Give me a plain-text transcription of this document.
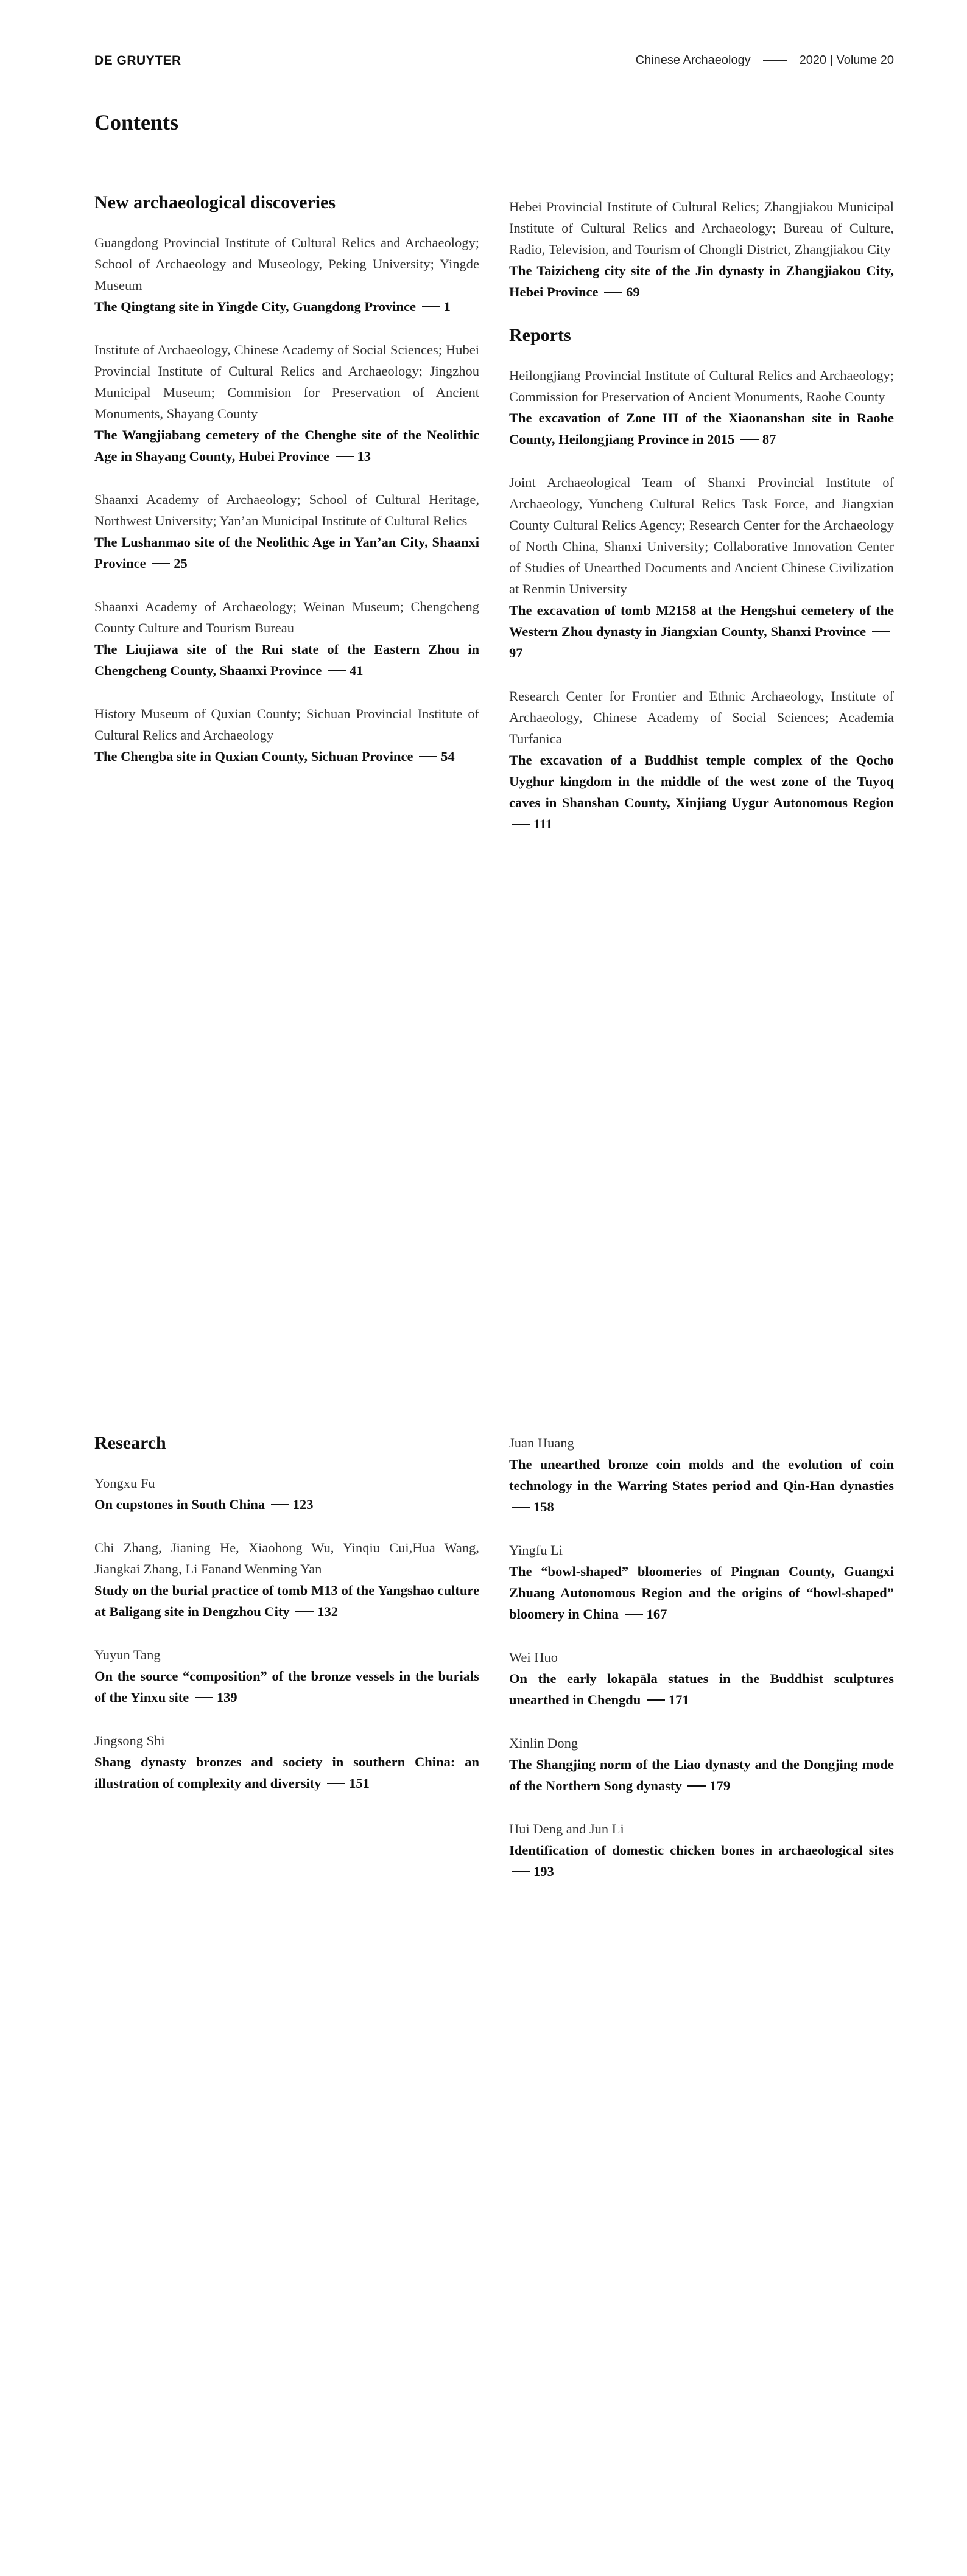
DE GRUYTER	Chinese Archaeology	2020 | Volume 20
Contents
New archaeological discoveries
Guangdong Provincial Institute of Cultural Relics and Archaeology; School of Archaeology and Museology, Peking University; Yingde Museum
The Qingtang site in Yingde City, Guangdong Province 1
Institute of Archaeology, Chinese Academy of Social Sciences; Hubei Provincial Institute of Cultural Relics and Archaeology; Jingzhou Municipal Museum; Commision for Preservation of Ancient Monuments, Shayang County
The Wangjiabang cemetery of the Chenghe site of the Neolithic Age in Shayang County, Hubei Province 13
Shaanxi Academy of Archaeology; School of Cultural Heritage, Northwest University; Yan’an Municipal Institute of Cultural Relics
The Lushanmao site of the Neolithic Age in Yan’an City, Shaanxi Province 25
Shaanxi Academy of Archaeology; Weinan Museum; Chengcheng County Culture and Tourism Bureau
The Liujiawa site of the Rui state of the Eastern Zhou in Chengcheng County, Shaanxi Province 41
History Museum of Quxian County; Sichuan Provincial Institute of Cultural Relics and Archaeology
The Chengba site in Quxian County, Sichuan Province 54
Hebei Provincial Institute of Cultural Relics; Zhangjiakou Municipal Institute of Cultural Relics and Archaeology; Bureau of Culture, Radio, Television, and Tourism of Chongli District, Zhangjiakou City
The Taizicheng city site of the Jin dynasty in Zhangjiakou City, Hebei Province 69
Reports
Heilongjiang Provincial Institute of Cultural Relics and Archaeology; Commission for Preservation of Ancient Monuments, Raohe County
The excavation of Zone III of the Xiaonanshan site in Raohe County, Heilongjiang Province in 2015 87
Joint Archaeological Team of Shanxi Provincial Institute of Archaeology, Yuncheng Cultural Relics Task Force, and Jiangxian County Cultural Relics Agency; Research Center for the Archaeology of North China, Shanxi University; Collaborative Innovation Center of Studies of Unearthed Documents and Ancient Chinese Civilization at Renmin University
The excavation of tomb M2158 at the Hengshui cemetery of the Western Zhou dynasty in Jiangxian County, Shanxi Province 97
Research Center for Frontier and Ethnic Archaeology, Institute of Archaeology, Chinese Academy of Social Sciences; Academia Turfanica
The excavation of a Buddhist temple complex of the Qocho Uyghur kingdom in the middle of the west zone of the Tuyoq caves in Shanshan County, Xinjiang Uygur Autonomous Region 111
Research
Yongxu Fu
On cupstones in South China 123
Chi Zhang, Jianing He, Xiaohong Wu, Yinqiu Cui,Hua Wang, Jiangkai Zhang, Li Fanand Wenming Yan
Study on the burial practice of tomb M13 of the Yangshao culture at Baligang site in Dengzhou City 132
Yuyun Tang
On the source “composition” of the bronze vessels in the burials of the Yinxu site 139
Jingsong Shi
Shang dynasty bronzes and society in southern China: an illustration of complexity and diversity 151
Juan Huang
The unearthed bronze coin molds and the evolution of coin technology in the Warring States period and Qin-Han dynasties 158
Yingfu Li
The “bowl-shaped” bloomeries of Pingnan County, Guangxi Zhuang Autonomous Region and the origins of “bowl-shaped” bloomery in China 167
Wei Huo
On the early lokapāla statues in the Buddhist sculptures unearthed in Chengdu 171
Xinlin Dong
The Shangjing norm of the Liao dynasty and the Dongjing mode of the Northern Song dynasty 179
Hui Deng and Jun Li
Identification of domestic chicken bones in archaeological sites 193
